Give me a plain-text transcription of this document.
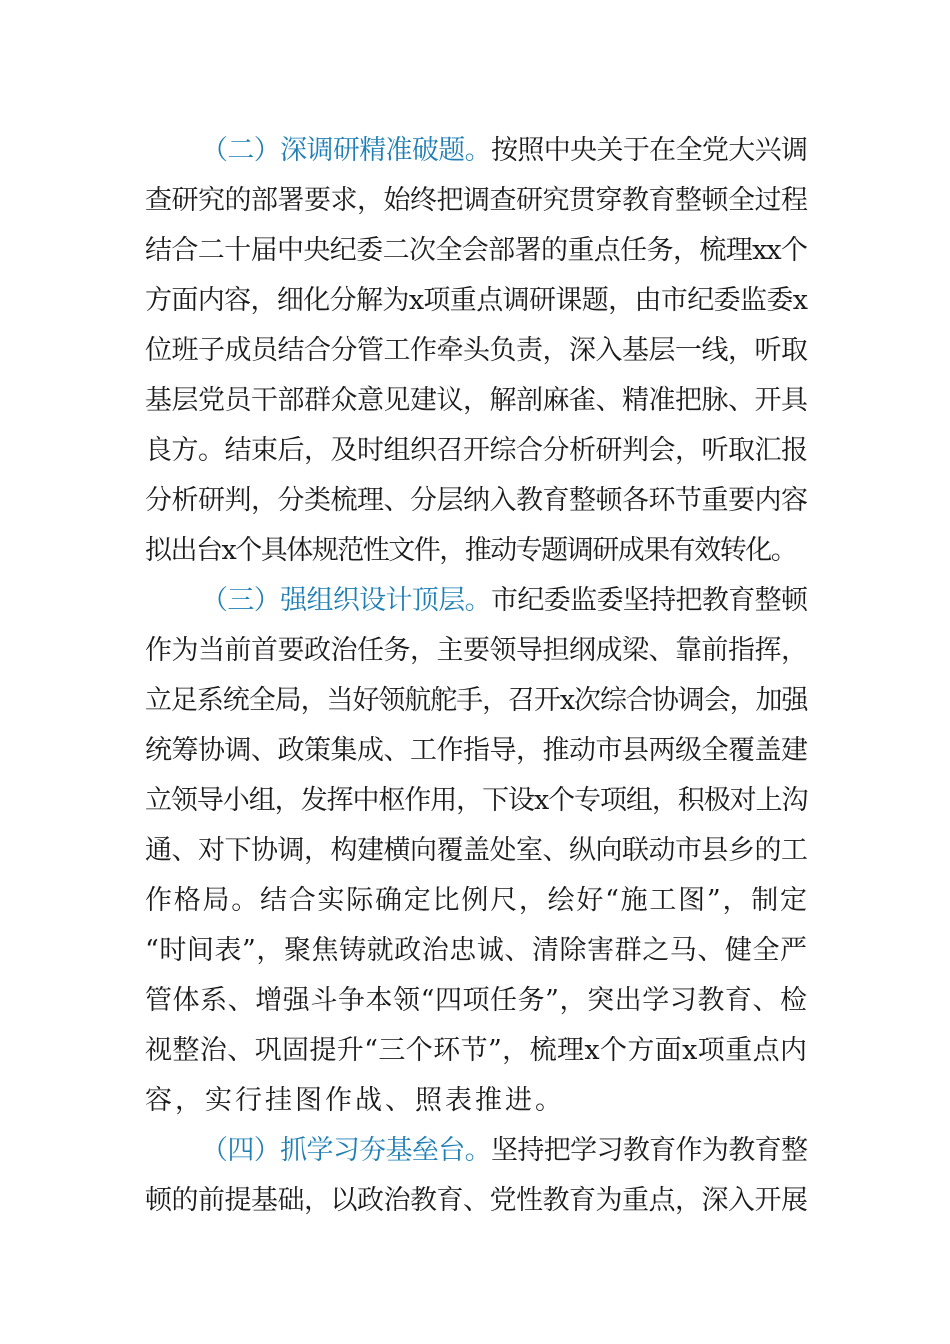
（二）深调研精准破题。按照中央关于在全党大兴调
查研究的部署要求，始终把调查研究贯穿教育整顿全过程
结合二十届中央纪委二次全会部署的重点任务，梳理xx个
方面内容，细化分解为x项重点调研课题，由市纪委监委x
位班子成员结合分管工作牵头负责，深入基层一线，听取
基层党员干部群众意见建议，解剖麻雀、精准把脉、开具
良方。结束后，及时组织召开综合分析研判会，听取汇报
分析研判，分类梳理、分层纳入教育整顿各环节重要内容
拟出台x个具体规范性文件，推动专题调研成果有效转化。
（三）强组织设计顶层。市纪委监委坚持把教育整顿
作为当前首要政治任务，主要领导担纲成梁、靠前指挥，
立足系统全局，当好领航舵手，召开x次综合协调会，加强
统筹协调、政策集成、工作指导，推动市县两级全覆盖建
立领导小组，发挥中枢作用，下设x个专项组，积极对上沟
通、对下协调，构建横向覆盖处室、纵向联动市县乡的工
作格局。结合实际确定比例尺，绘好“施工图”，制定
“时间表”，聚焦铸就政治忠诚、清除害群之马、健全严
管体系、增强斗争本领“四项任务”，突出学习教育、检
视整治、巩固提升“三个环节”，梳理x个方面x项重点内
容，实行挂图作战、照表推进。
（四）抓学习夯基垒台。坚持把学习教育作为教育整
顿的前提基础，以政治教育、党性教育为重点，深入开展
